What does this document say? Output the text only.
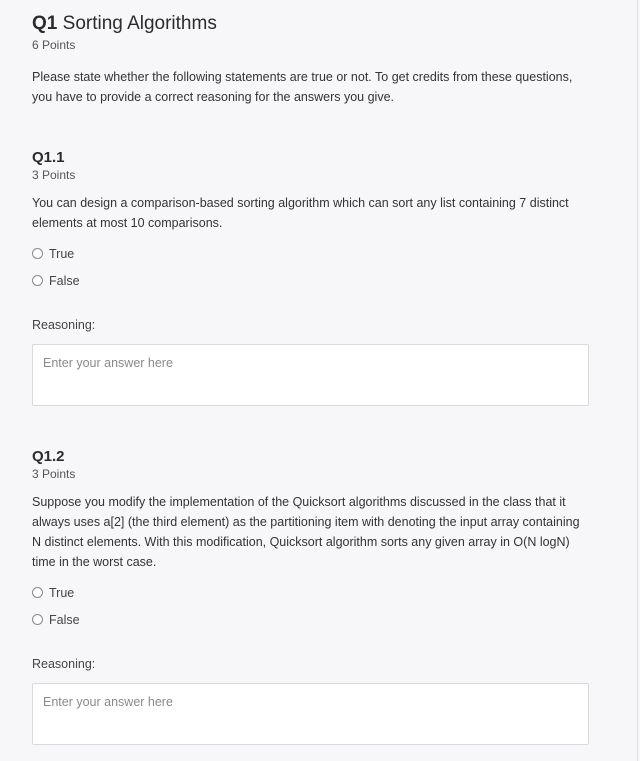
Q1 Sorting Algorithms
6 Points
Please state whether the following statements are true or not. To get credits from these questions, you have to provide a correct reasoning for the answers you give.
Q1.1
3 Points
You can design a comparison-based sorting algorithm which can sort any list containing 7 distinct elements at most 10 comparisons.
True
False
Reasoning:
Enter your answer here
Q1.2
3 Points
Suppose you modify the implementation of the Quicksort algorithms discussed in the class that it always uses a[2] (the third element) as the partitioning item with denoting the input array containing N distinct elements. With this modification, Quicksort algorithm sorts any given array in O(N logN) time in the worst case.
True
False
Reasoning:
Enter your answer here
